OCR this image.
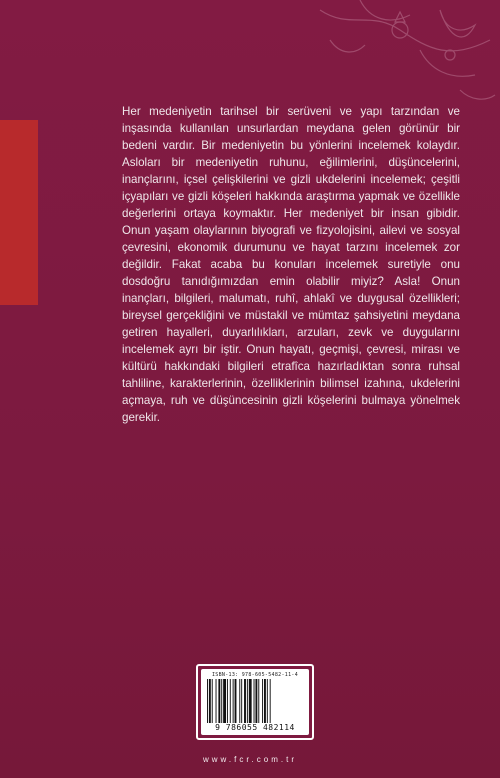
Her medeniyetin tarihsel bir serüveni ve yapı tarzından ve inşasında kullanılan unsurlardan meydana gelen görünür bir bedeni vardır. Bir medeniyetin bu yönlerini incelemek kolaydır. Asloları bir medeniyetin ruhunu, eğilimlerini, düşüncelerini, inançlarını, içsel çelişkilerini ve gizli ukdelerini incelemek; çeşitli içyapıları ve gizli köşeleri hakkında araştırma yapmak ve özellikle değerlerini ortaya koymaktır. Her medeniyet bir insan gibidir. Onun yaşam olaylarının biyografi ve fizyolojisini, ailevi ve sosyal çevresini, ekonomik durumunu ve hayat tarzını incelemek zor değildir. Fakat acaba bu konuları incelemek suretiyle onu dosdoğru tanıdığımızdan emin olabilir miyiz? Asla! Onun inançları, bilgileri, malumatı, ruhî, ahlakî ve duygusal özellikleri; bireysel gerçekliğini ve müstakil ve mümtaz şahsiyetini meydana getiren hayalleri, duyarlılıkları, arzuları, zevk ve duygularını incelemek ayrı bir iştir. Onun hayatı, geçmişi, çevresi, mirası ve kültürü hakkındaki bilgileri etrafîca hazırladıktan sonra ruhsal tahliline, karakterlerinin, özelliklerinin bilimsel izahına, ukdelerini açmaya, ruh ve düşüncesinin gizli köşelerini bulmaya yönelmek gerekir.

ISBN-13: 978-605-5482-11-4
9 786055 482114
www.fcr.com.tr
